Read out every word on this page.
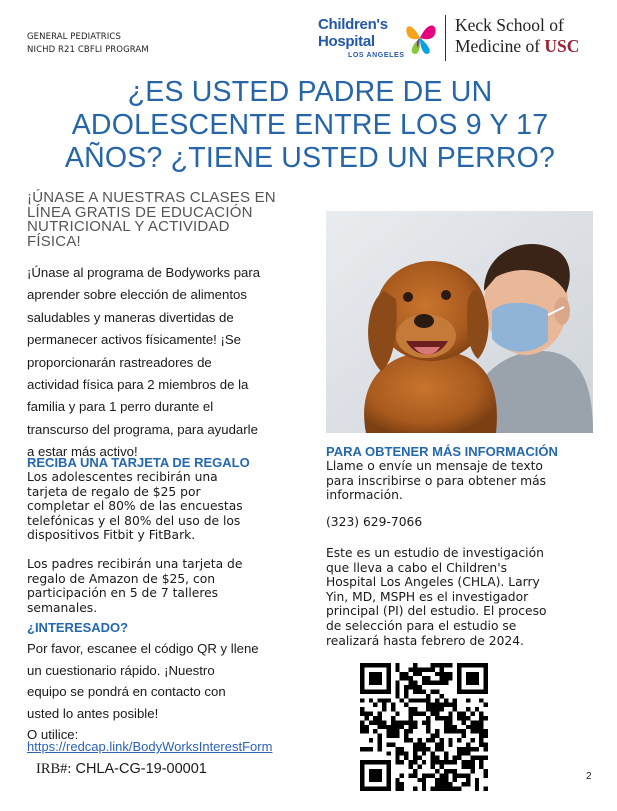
GENERAL PEDIATRICS
NICHD R21 CBFLI PROGRAM
Children's
Hospital
LOS ANGELES
Keck School of
Medicine of USC
¿ES USTED PADRE DE UN
ADOLESCENTE ENTRE LOS 9 Y 17
AÑOS? ¿TIENE USTED UN PERRO?
¡ÚNASE A NUESTRAS CLASES EN
LÍNEA GRATIS DE EDUCACIÓN
NUTRICIONAL Y ACTIVIDAD
FÍSICA!
¡Únase al programa de Bodyworks para
aprender sobre elección de alimentos
saludables y maneras divertidas de
permanecer activos físicamente! ¡Se
proporcionarán rastreadores de
actividad física para 2 miembros de la
familia y para 1 perro durante el
transcurso del programa, para ayudarle
a estar más activo!
RECIBA UNA TARJETA DE REGALO
Los adolescentes recibirán una
tarjeta de regalo de $25 por
completar el 80% de las encuestas
telefónicas y el 80% del uso de los
dispositivos Fitbit y FitBark.
Los padres recibirán una tarjeta de
regalo de Amazon de $25, con
participación en 5 de 7 talleres
semanales.
¿INTERESADO?
Por favor, escanee el código QR y llene
un cuestionario rápido. ¡Nuestro
equipo se pondrá en contacto con
usted lo antes posible!
O utilice:
https://redcap.link/BodyWorksInterestForm
IRB#: CHLA-CG-19-00001
PARA OBTENER MÁS INFORMACIÓN
Llame o envíe un mensaje de texto
para inscribirse o para obtener más
información.
(323) 629-7066
Este es un estudio de investigación
que lleva a cabo el Children's
Hospital Los Angeles (CHLA). Larry
Yin, MD, MSPH es el investigador
principal (PI) del estudio. El proceso
de selección para el estudio se
realizará hasta febrero de 2024.
2
